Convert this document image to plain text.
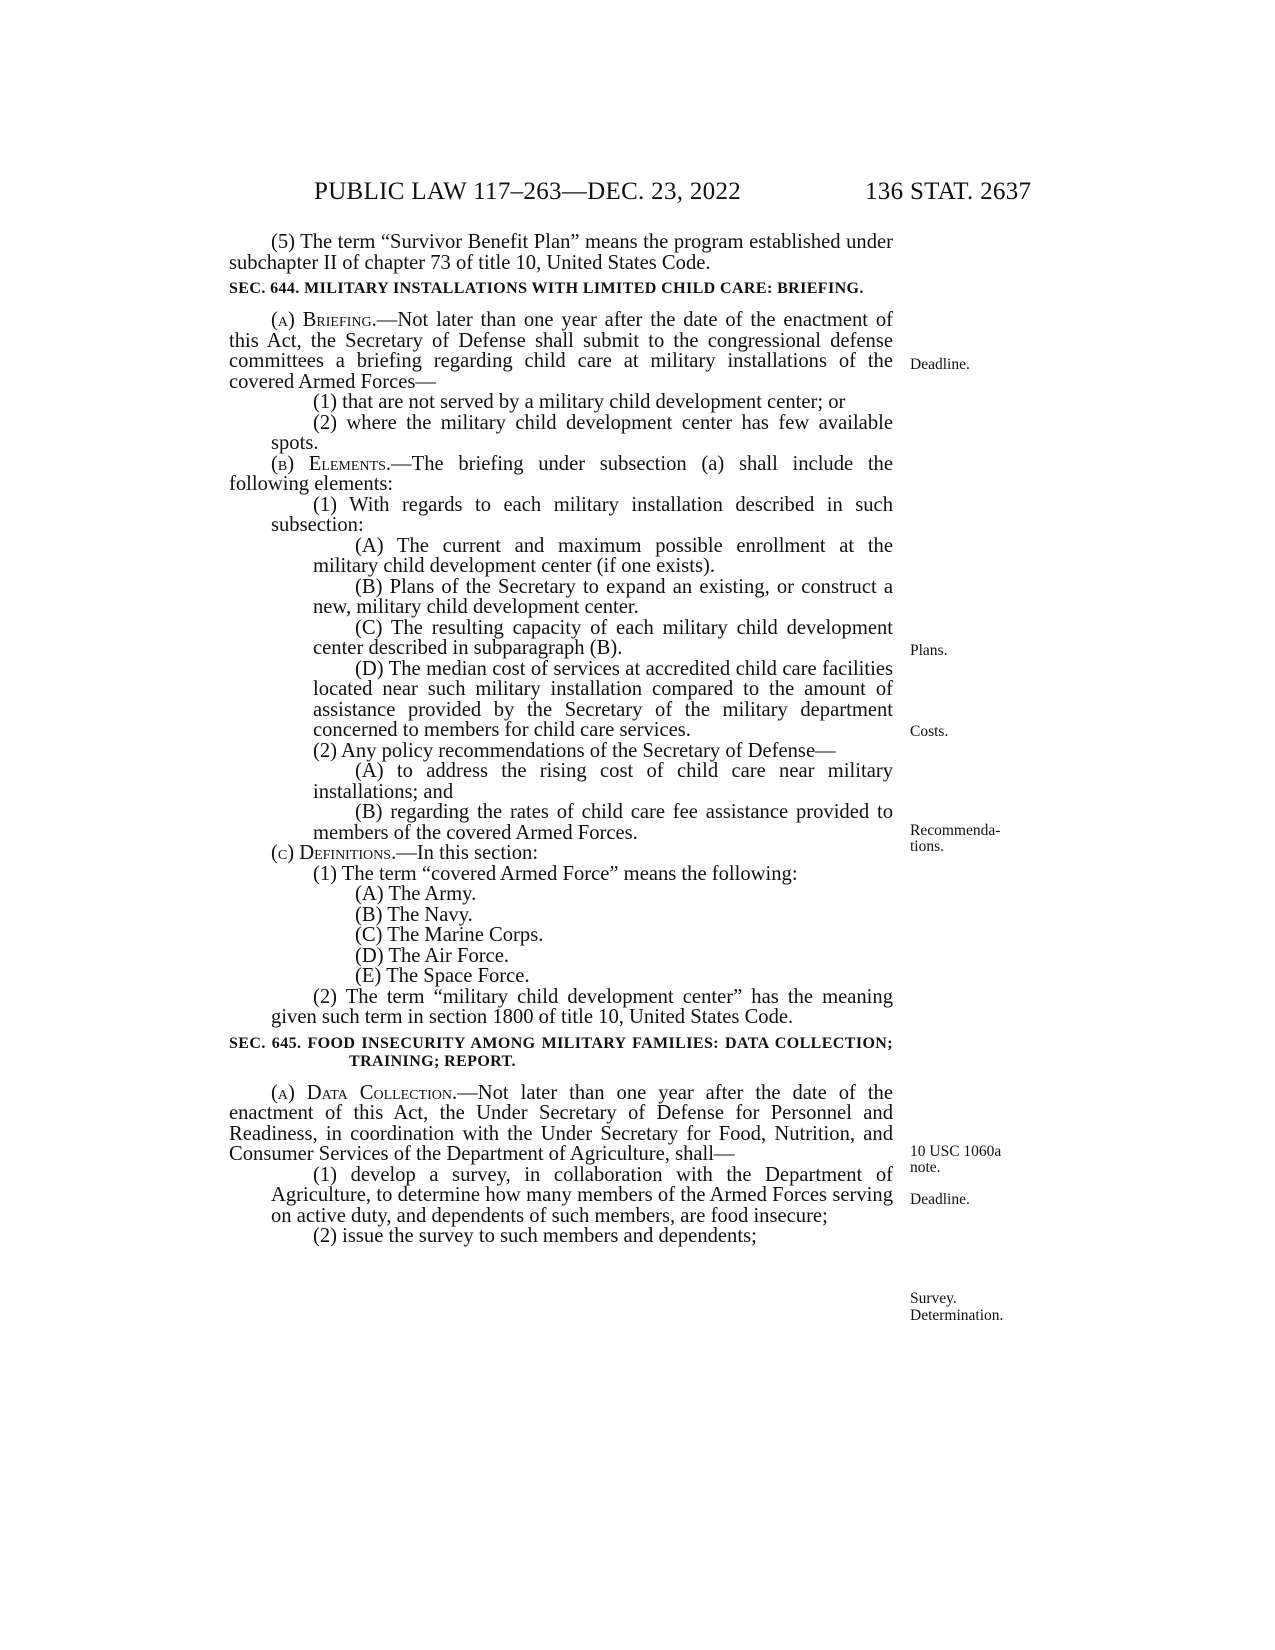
PUBLIC LAW 117–263—DEC. 23, 2022	136 STAT. 2637

(5) The term “Survivor Benefit Plan” means the program established under subchapter II of chapter 73 of title 10, United States Code.

SEC. 644. MILITARY INSTALLATIONS WITH LIMITED CHILD CARE: BRIEFING.

(a) Briefing.—Not later than one year after the date of the enactment of this Act, the Secretary of Defense shall submit to the congressional defense committees a briefing regarding child care at military installations of the covered Armed Forces—

(1) that are not served by a military child development center; or

(2) where the military child development center has few available spots.

(b) Elements.—The briefing under subsection (a) shall include the following elements:

(1) With regards to each military installation described in such subsection:

(A) The current and maximum possible enrollment at the military child development center (if one exists).

(B) Plans of the Secretary to expand an existing, or construct a new, military child development center.

(C) The resulting capacity of each military child development center described in subparagraph (B).

(D) The median cost of services at accredited child care facilities located near such military installation compared to the amount of assistance provided by the Secretary of the military department concerned to members for child care services.

(2) Any policy recommendations of the Secretary of Defense—

(A) to address the rising cost of child care near military installations; and

(B) regarding the rates of child care fee assistance provided to members of the covered Armed Forces.

(c) Definitions.—In this section:

(1) The term “covered Armed Force” means the following:

(A) The Army.

(B) The Navy.

(C) The Marine Corps.

(D) The Air Force.

(E) The Space Force.

(2) The term “military child development center” has the meaning given such term in section 1800 of title 10, United States Code.

SEC. 645. FOOD INSECURITY AMONG MILITARY FAMILIES: DATA COLLECTION; TRAINING; REPORT.

(a) Data Collection.—Not later than one year after the date of the enactment of this Act, the Under Secretary of Defense for Personnel and Readiness, in coordination with the Under Secretary for Food, Nutrition, and Consumer Services of the Department of Agriculture, shall—

(1) develop a survey, in collaboration with the Department of Agriculture, to determine how many members of the Armed Forces serving on active duty, and dependents of such members, are food insecure;

(2) issue the survey to such members and dependents;

Deadline.
Plans.
Costs.
Recommenda-
tions.
10 USC 1060a
note.
Deadline.
Survey.
Determination.
